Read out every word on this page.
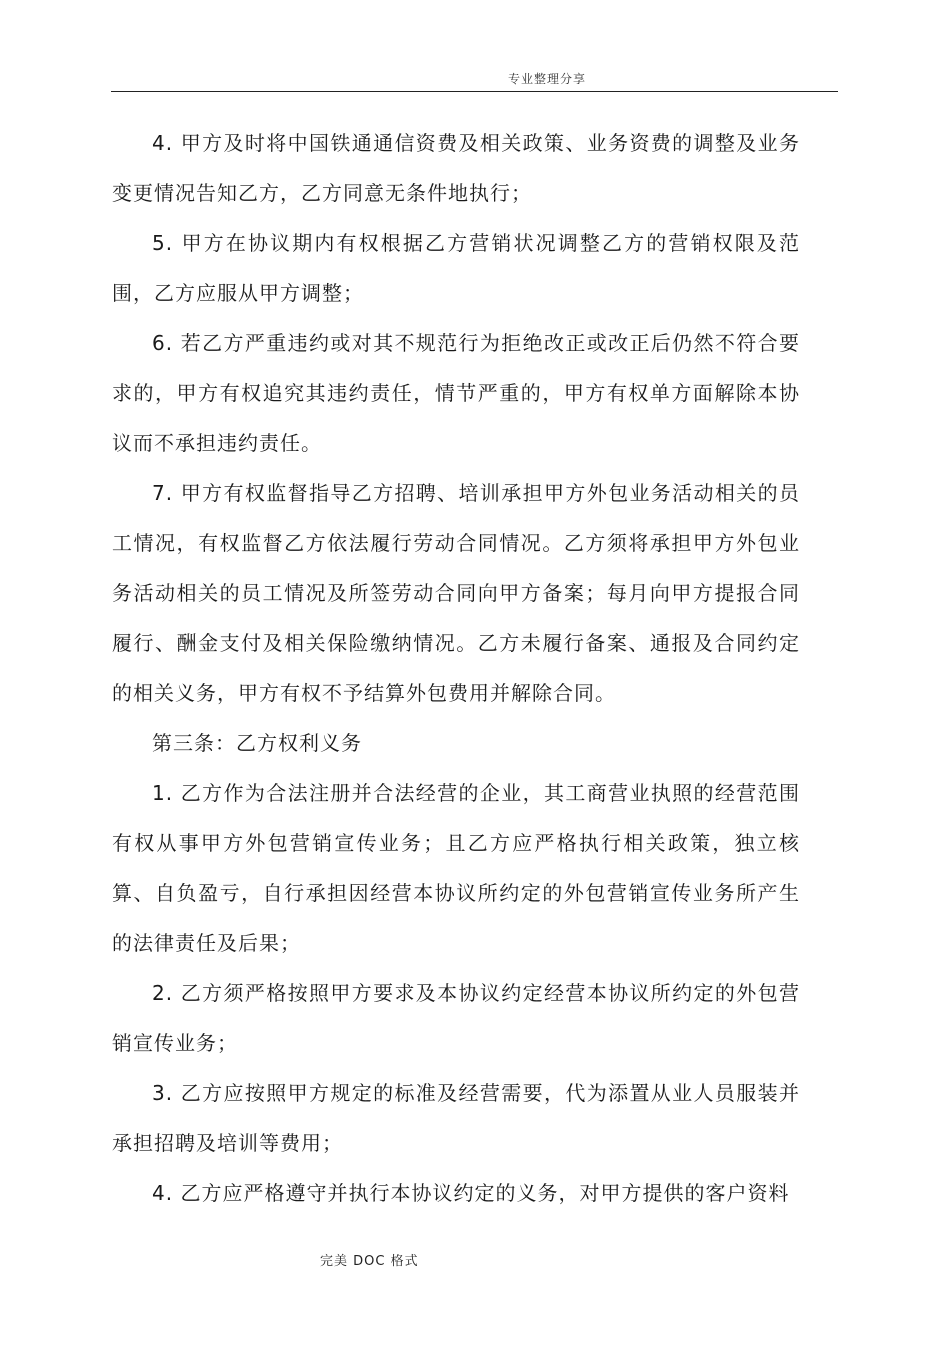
专业整理分享

4. 甲方及时将中国铁通通信资费及相关政策、业务资费的调整及业务变更情况告知乙方，乙方同意无条件地执行；

5. 甲方在协议期内有权根据乙方营销状况调整乙方的营销权限及范围，乙方应服从甲方调整；

6. 若乙方严重违约或对其不规范行为拒绝改正或改正后仍然不符合要求的，甲方有权追究其违约责任，情节严重的，甲方有权单方面解除本协议而不承担违约责任。

7. 甲方有权监督指导乙方招聘、培训承担甲方外包业务活动相关的员工情况，有权监督乙方依法履行劳动合同情况。乙方须将承担甲方外包业务活动相关的员工情况及所签劳动合同向甲方备案；每月向甲方提报合同履行、酬金支付及相关保险缴纳情况。乙方未履行备案、通报及合同约定的相关义务，甲方有权不予结算外包费用并解除合同。

第三条：乙方权利义务

1. 乙方作为合法注册并合法经营的企业，其工商营业执照的经营范围有权从事甲方外包营销宣传业务；且乙方应严格执行相关政策，独立核算、自负盈亏，自行承担因经营本协议所约定的外包营销宣传业务所产生的法律责任及后果；

2. 乙方须严格按照甲方要求及本协议约定经营本协议所约定的外包营销宣传业务；

3. 乙方应按照甲方规定的标准及经营需要，代为添置从业人员服装并承担招聘及培训等费用；

4. 乙方应严格遵守并执行本协议约定的义务，对甲方提供的客户资料

完美 DOC 格式
